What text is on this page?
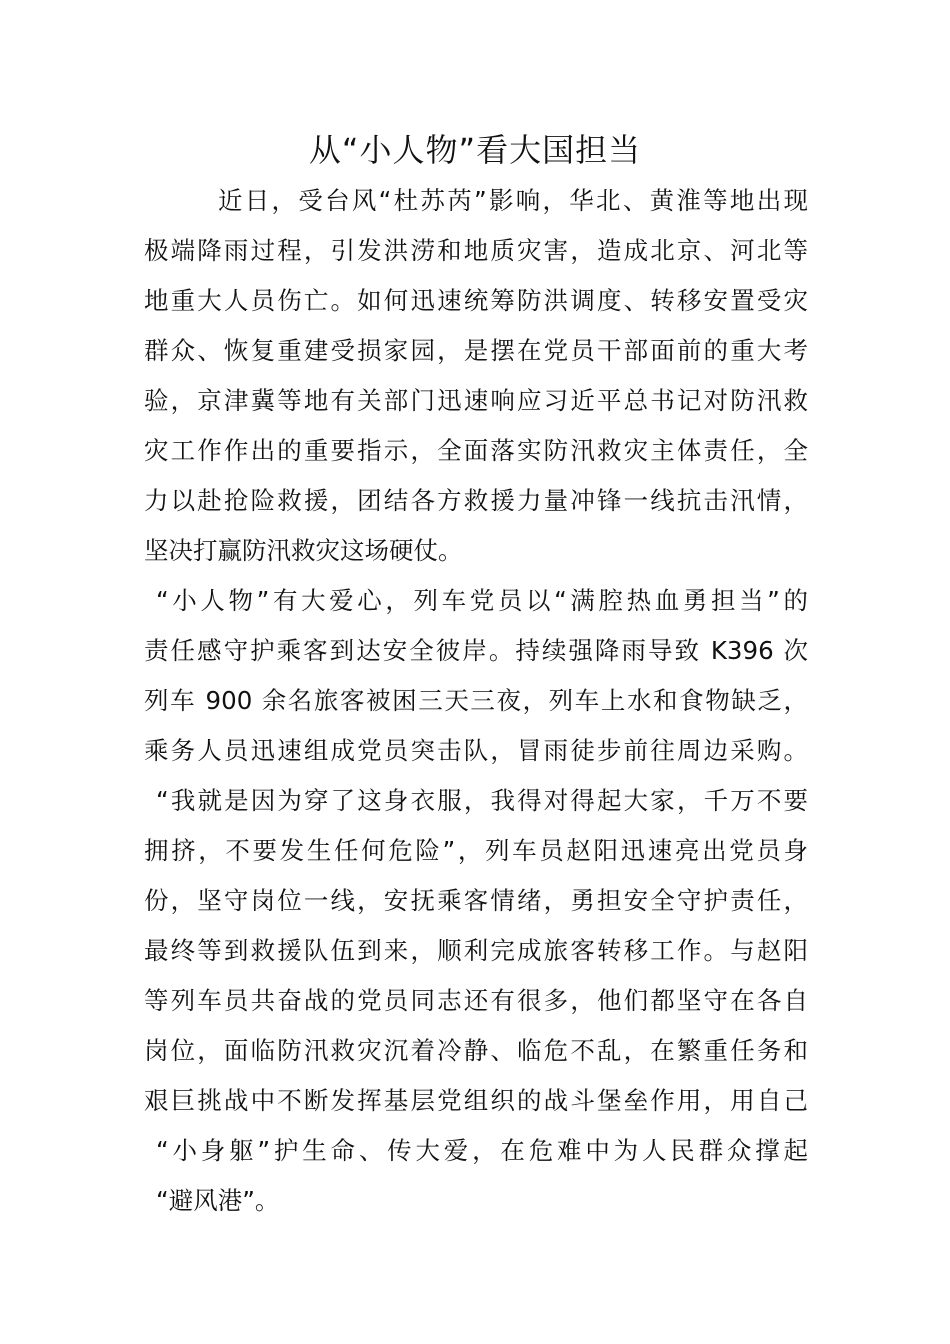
从“小人物”看大国担当
近日，受台风“杜苏芮”影响，华北、黄淮等地出现
极端降雨过程，引发洪涝和地质灾害，造成北京、河北等
地重大人员伤亡。如何迅速统筹防洪调度、转移安置受灾
群众、恢复重建受损家园，是摆在党员干部面前的重大考
验，京津冀等地有关部门迅速响应习近平总书记对防汛救
灾工作作出的重要指示，全面落实防汛救灾主体责任，全
力以赴抢险救援，团结各方救援力量冲锋一线抗击汛情，
坚决打赢防汛救灾这场硬仗。
“小人物”有大爱心，列车党员以“满腔热血勇担当”的
责任感守护乘客到达安全彼岸。持续强降雨导致 K396 次
列车 900 余名旅客被困三天三夜，列车上水和食物缺乏，
乘务人员迅速组成党员突击队，冒雨徒步前往周边采购。
“我就是因为穿了这身衣服，我得对得起大家，千万不要
拥挤，不要发生任何危险”，列车员赵阳迅速亮出党员身
份，坚守岗位一线，安抚乘客情绪，勇担安全守护责任，
最终等到救援队伍到来，顺利完成旅客转移工作。与赵阳
等列车员共奋战的党员同志还有很多，他们都坚守在各自
岗位，面临防汛救灾沉着冷静、临危不乱，在繁重任务和
艰巨挑战中不断发挥基层党组织的战斗堡垒作用，用自己
“小身躯”护生命、传大爱，在危难中为人民群众撑起
“避风港”。
